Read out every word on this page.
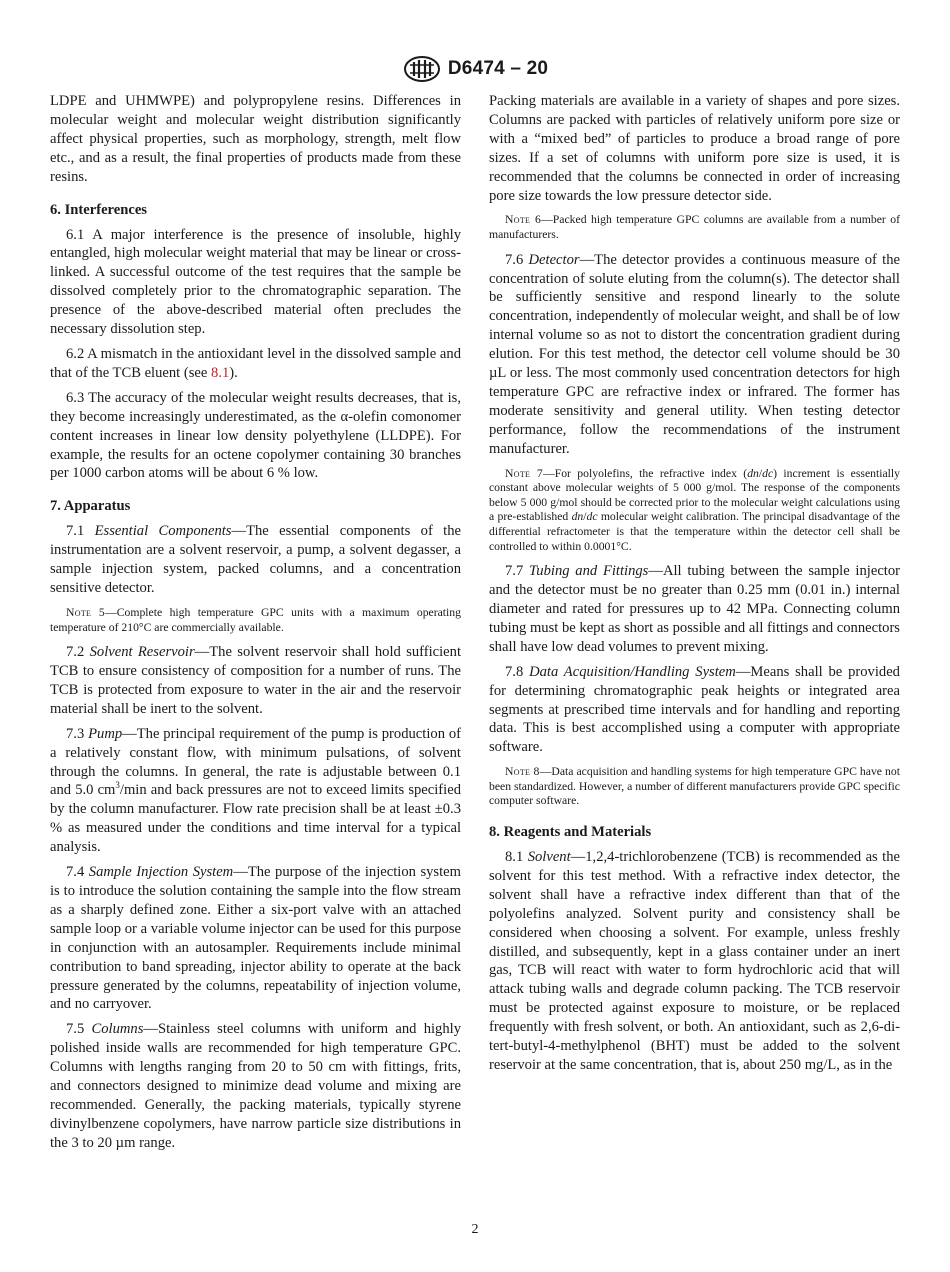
D6474 – 20

LDPE and UHMWPE) and polypropylene resins. Differences in molecular weight and molecular weight distribution significantly affect physical properties, such as morphology, strength, melt flow etc., and as a result, the final properties of products made from these resins.

6. Interferences

6.1 A major interference is the presence of insoluble, highly entangled, high molecular weight material that may be linear or cross-linked. A successful outcome of the test requires that the sample be dissolved completely prior to the chromatographic separation. The presence of the above-described material often precludes the necessary dissolution step.

6.2 A mismatch in the antioxidant level in the dissolved sample and that of the TCB eluent (see 8.1).

6.3 The accuracy of the molecular weight results decreases, that is, they become increasingly underestimated, as the α-olefin comonomer content increases in linear low density polyethylene (LLDPE). For example, the results for an octene copolymer containing 30 branches per 1000 carbon atoms will be about 6 % low.

7. Apparatus

7.1 Essential Components—The essential components of the instrumentation are a solvent reservoir, a pump, a solvent degasser, a sample injection system, packed columns, and a concentration sensitive detector.

Note 5—Complete high temperature GPC units with a maximum operating temperature of 210°C are commercially available.

7.2 Solvent Reservoir—The solvent reservoir shall hold sufficient TCB to ensure consistency of composition for a number of runs. The TCB is protected from exposure to water in the air and the reservoir material shall be inert to the solvent.

7.3 Pump—The principal requirement of the pump is production of a relatively constant flow, with minimum pulsations, of solvent through the columns. In general, the rate is adjustable between 0.1 and 5.0 $cm^3/\min$ and back pressures are not to exceed limits specified by the column manufacturer. Flow rate precision shall be at least ±0.3 % as measured under the conditions and time interval for a typical analysis.

7.4 Sample Injection System—The purpose of the injection system is to introduce the solution containing the sample into the flow stream as a sharply defined zone. Either a six-port valve with an attached sample loop or a variable volume injector can be used for this purpose in conjunction with an autosampler. Requirements include minimal contribution to band spreading, injector ability to operate at the back pressure generated by the columns, repeatability of injection volume, and no carryover.

7.5 Columns—Stainless steel columns with uniform and highly polished inside walls are recommended for high temperature GPC. Columns with lengths ranging from 20 to 50 cm with fittings, frits, and connectors designed to minimize dead volume and mixing are recommended. Generally, the packing materials, typically styrene divinylbenzene copolymers, have narrow particle size distributions in the 3 to 20 µm range.

Packing materials are available in a variety of shapes and pore sizes. Columns are packed with particles of relatively uniform pore size or with a “mixed bed” of particles to produce a broad range of pore sizes. If a set of columns with uniform pore size is used, it is recommended that the columns be connected in order of increasing pore size towards the low pressure detector side.

Note 6—Packed high temperature GPC columns are available from a number of manufacturers.

7.6 Detector—The detector provides a continuous measure of the concentration of solute eluting from the column(s). The detector shall be sufficiently sensitive and respond linearly to the solute concentration, independently of molecular weight, and shall be of low internal volume so as not to distort the concentration gradient during elution. For this test method, the detector cell volume should be 30 µL or less. The most commonly used concentration detectors for high temperature GPC are refractive index or infrared. The former has moderate sensitivity and general utility. When testing detector performance, follow the recommendations of the instrument manufacturer.

Note 7—For polyolefins, the refractive index (dn/dc) increment is essentially constant above molecular weights of 5 000 g/mol. The response of the components below 5 000 g/mol should be corrected prior to the molecular weight calculations using a pre-established dn/dc molecular weight calibration. The principal disadvantage of the differential refractometer is that the temperature within the detector cell shall be controlled to within 0.0001°C.

7.7 Tubing and Fittings—All tubing between the sample injector and the detector must be no greater than 0.25 mm (0.01 in.) internal diameter and rated for pressures up to 42 MPa. Connecting column tubing must be kept as short as possible and all fittings and connectors shall have low dead volumes to prevent mixing.

7.8 Data Acquisition/Handling System—Means shall be provided for determining chromatographic peak heights or integrated area segments at prescribed time intervals and for handling and reporting data. This is best accomplished using a computer with appropriate software.

Note 8—Data acquisition and handling systems for high temperature GPC have not been standardized. However, a number of different manufacturers provide GPC specific computer software.

8. Reagents and Materials

8.1 Solvent—1,2,4-trichlorobenzene (TCB) is recommended as the solvent for this test method. With a refractive index detector, the solvent shall have a refractive index different than that of the polyolefins analyzed. Solvent purity and consistency shall be considered when choosing a solvent. For example, unless freshly distilled, and subsequently, kept in a glass container under an inert gas, TCB will react with water to form hydrochloric acid that will attack tubing walls and degrade column packing. The TCB reservoir must be protected against exposure to moisture, or be replaced frequently with fresh solvent, or both. An antioxidant, such as 2,6-di-tert-butyl-4-methylphenol (BHT) must be added to the solvent reservoir at the same concentration, that is, about 250 mg/L, as in the

2
